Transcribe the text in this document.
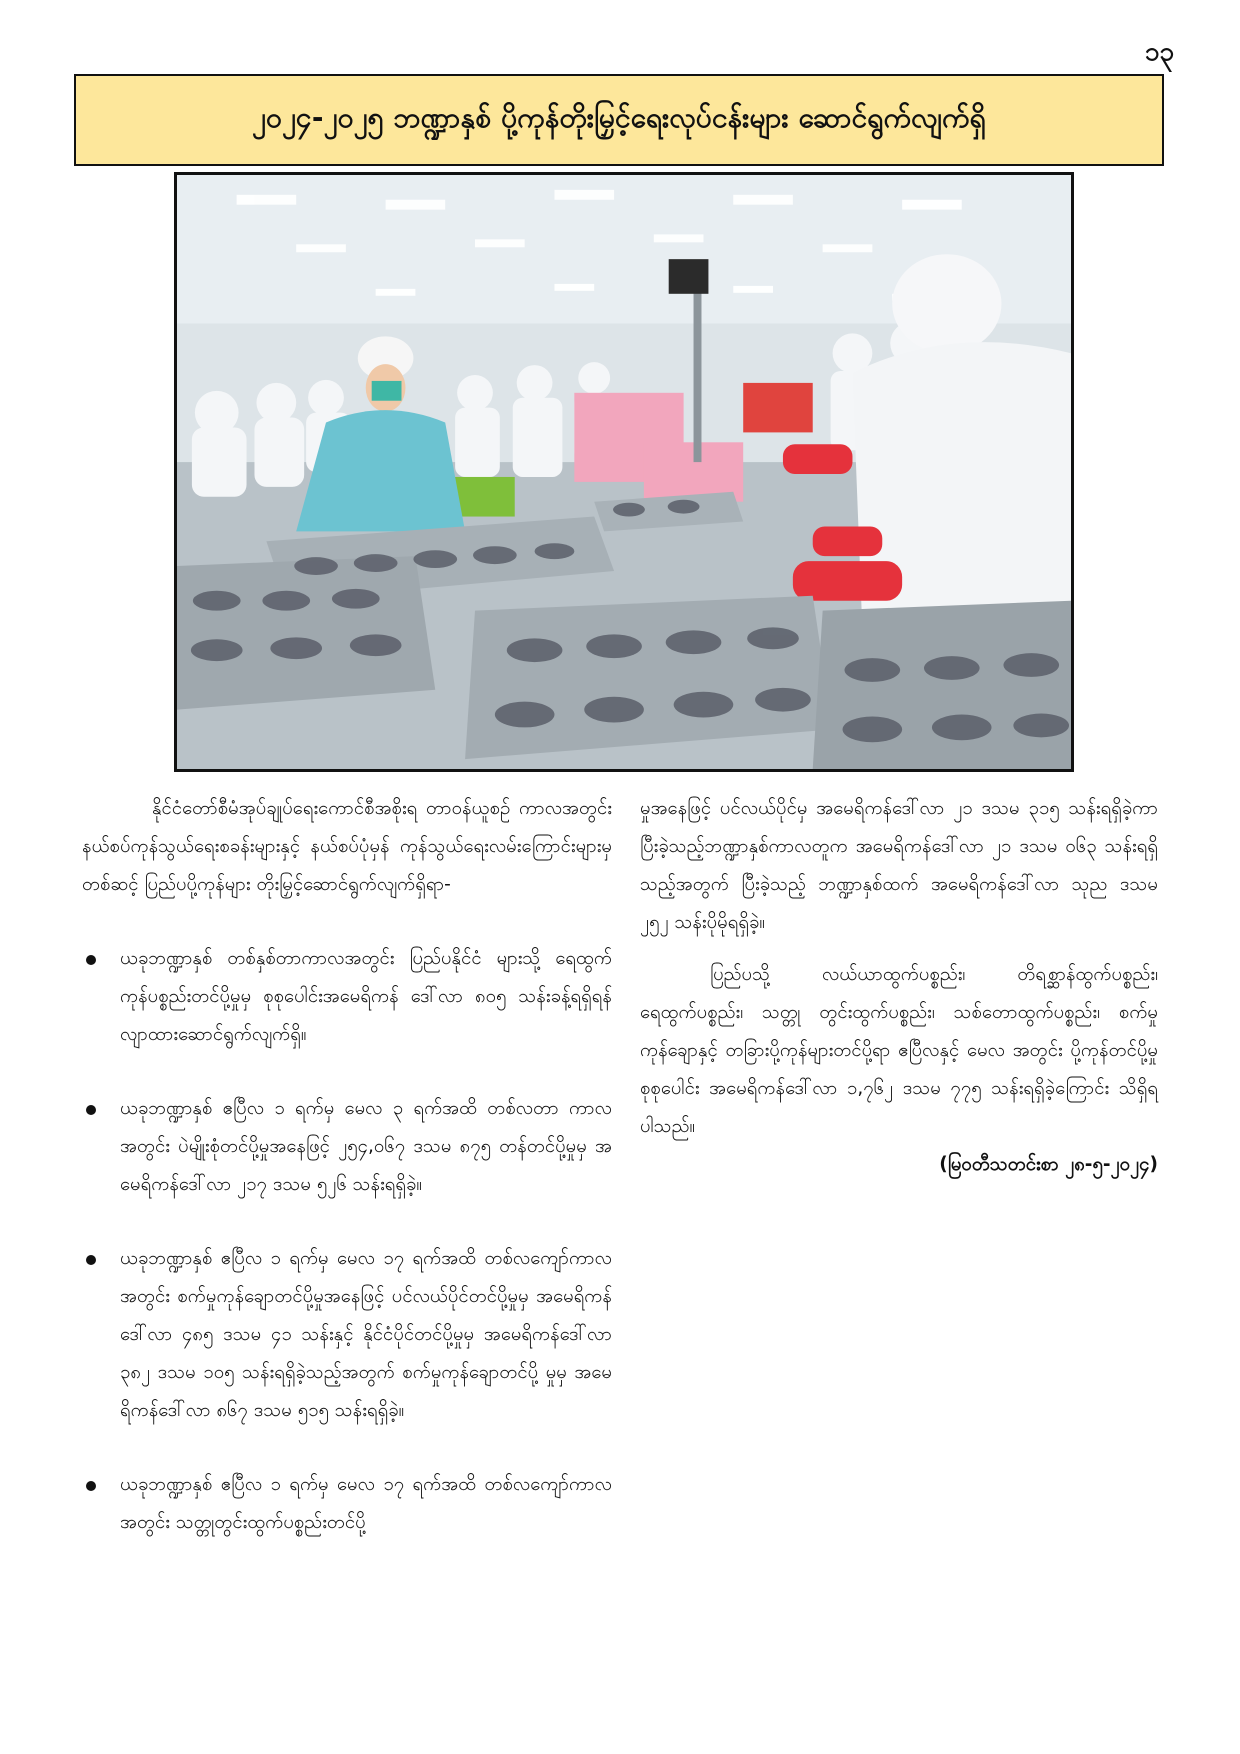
၁၃
၂၀၂၄-၂၀၂၅ ဘဏ္ဍာနှစ် ပို့ကုန်တိုးမြှင့်ရေးလုပ်ငန်းများ ဆောင်ရွက်လျက်ရှိ

နိုင်ငံတော်စီမံအုပ်ချုပ်ရေးကောင်စီအစိုးရ တာဝန်ယူစဉ် ကာလအတွင်း နယ်စပ်ကုန်သွယ်ရေးစခန်းများနှင့် နယ်စပ်ပုံမှန် ကုန်သွယ်ရေးလမ်းကြောင်းများမှတစ်ဆင့် ပြည်ပပို့ကုန်များ တိုးမြှင့်ဆောင်ရွက်လျက်ရှိရာ-

ယခုဘဏ္ဍာနှစ် တစ်နှစ်တာကာလအတွင်း ပြည်ပနိုင်ငံ များသို့ ရေထွက်ကုန်ပစ္စည်းတင်ပို့မှုမှ စုစုပေါင်းအမေရိကန် ဒေါ်လာ ၈၀၅ သန်းခန့်ရရှိရန် လျာထားဆောင်ရွက်လျက်ရှိ။
ယခုဘဏ္ဍာနှစ် ဧပြီလ ၁ ရက်မှ မေလ ၃ ရက်အထိ တစ်လတာ ကာလအတွင်း ပဲမျိုးစုံတင်ပို့မှုအနေဖြင့် ၂၅၄,၀၆၇ ဒသမ ၈၇၅ တန်တင်ပို့မှုမှ အမေရိကန်ဒေါ်လာ ၂၁၇ ဒသမ ၅၂၆ သန်းရရှိခဲ့။
ယခုဘဏ္ဍာနှစ် ဧပြီလ ၁ ရက်မှ မေလ ၁၇ ရက်အထိ တစ်လကျော်ကာလအတွင်း စက်မှုကုန်ချောတင်ပို့မှုအနေဖြင့် ပင်လယ်ပိုင်တင်ပို့မှုမှ အမေရိကန်ဒေါ်လာ ၄၈၅ ဒသမ ၄၁ သန်းနှင့် နိုင်ငံပိုင်တင်ပို့မှုမှ အမေရိကန်ဒေါ်လာ ၃၈၂ ဒသမ ၁၀၅ သန်းရရှိခဲ့သည့်အတွက် စက်မှုကုန်ချောတင်ပို့ မှုမှ အမေရိကန်ဒေါ်လာ ၈၆၇ ဒသမ ၅၁၅ သန်းရရှိခဲ့။
ယခုဘဏ္ဍာနှစ် ဧပြီလ ၁ ရက်မှ မေလ ၁၇ ရက်အထိ တစ်လကျော်ကာလအတွင်း သတ္တုတွင်းထွက်ပစ္စည်းတင်ပို့

မှုအနေဖြင့် ပင်လယ်ပိုင်မှ အမေရိကန်ဒေါ်လာ ၂၁ ဒသမ ၃၁၅ သန်းရရှိခဲ့ကာ ပြီးခဲ့သည့်ဘဏ္ဍာနှစ်ကာလတူက အမေရိကန်ဒေါ်လာ ၂၁ ဒသမ ၀၆၃ သန်းရရှိသည့်အတွက် ပြီးခဲ့သည့် ဘဏ္ဍာနှစ်ထက် အမေရိကန်ဒေါ်လာ သုည ဒသမ ၂၅၂ သန်းပိုမိုရရှိခဲ့။

ပြည်ပသို့ လယ်ယာထွက်ပစ္စည်း၊ တိရစ္ဆာန်ထွက်ပစ္စည်း၊ ရေထွက်ပစ္စည်း၊ သတ္တု တွင်းထွက်ပစ္စည်း၊ သစ်တောထွက်ပစ္စည်း၊ စက်မှုကုန်ချောနှင့် တခြားပို့ကုန်များတင်ပို့ရာ ဧပြီလနှင့် မေလ အတွင်း ပို့ကုန်တင်ပို့မှုစုစုပေါင်း အမေရိကန်ဒေါ်လာ ၁,၇၆၂ ဒသမ ၇၇၅ သန်းရရှိခဲ့ကြောင်း သိရှိရပါသည်။

(မြဝတီသတင်းစာ ၂၈-၅-၂၀၂၄)
